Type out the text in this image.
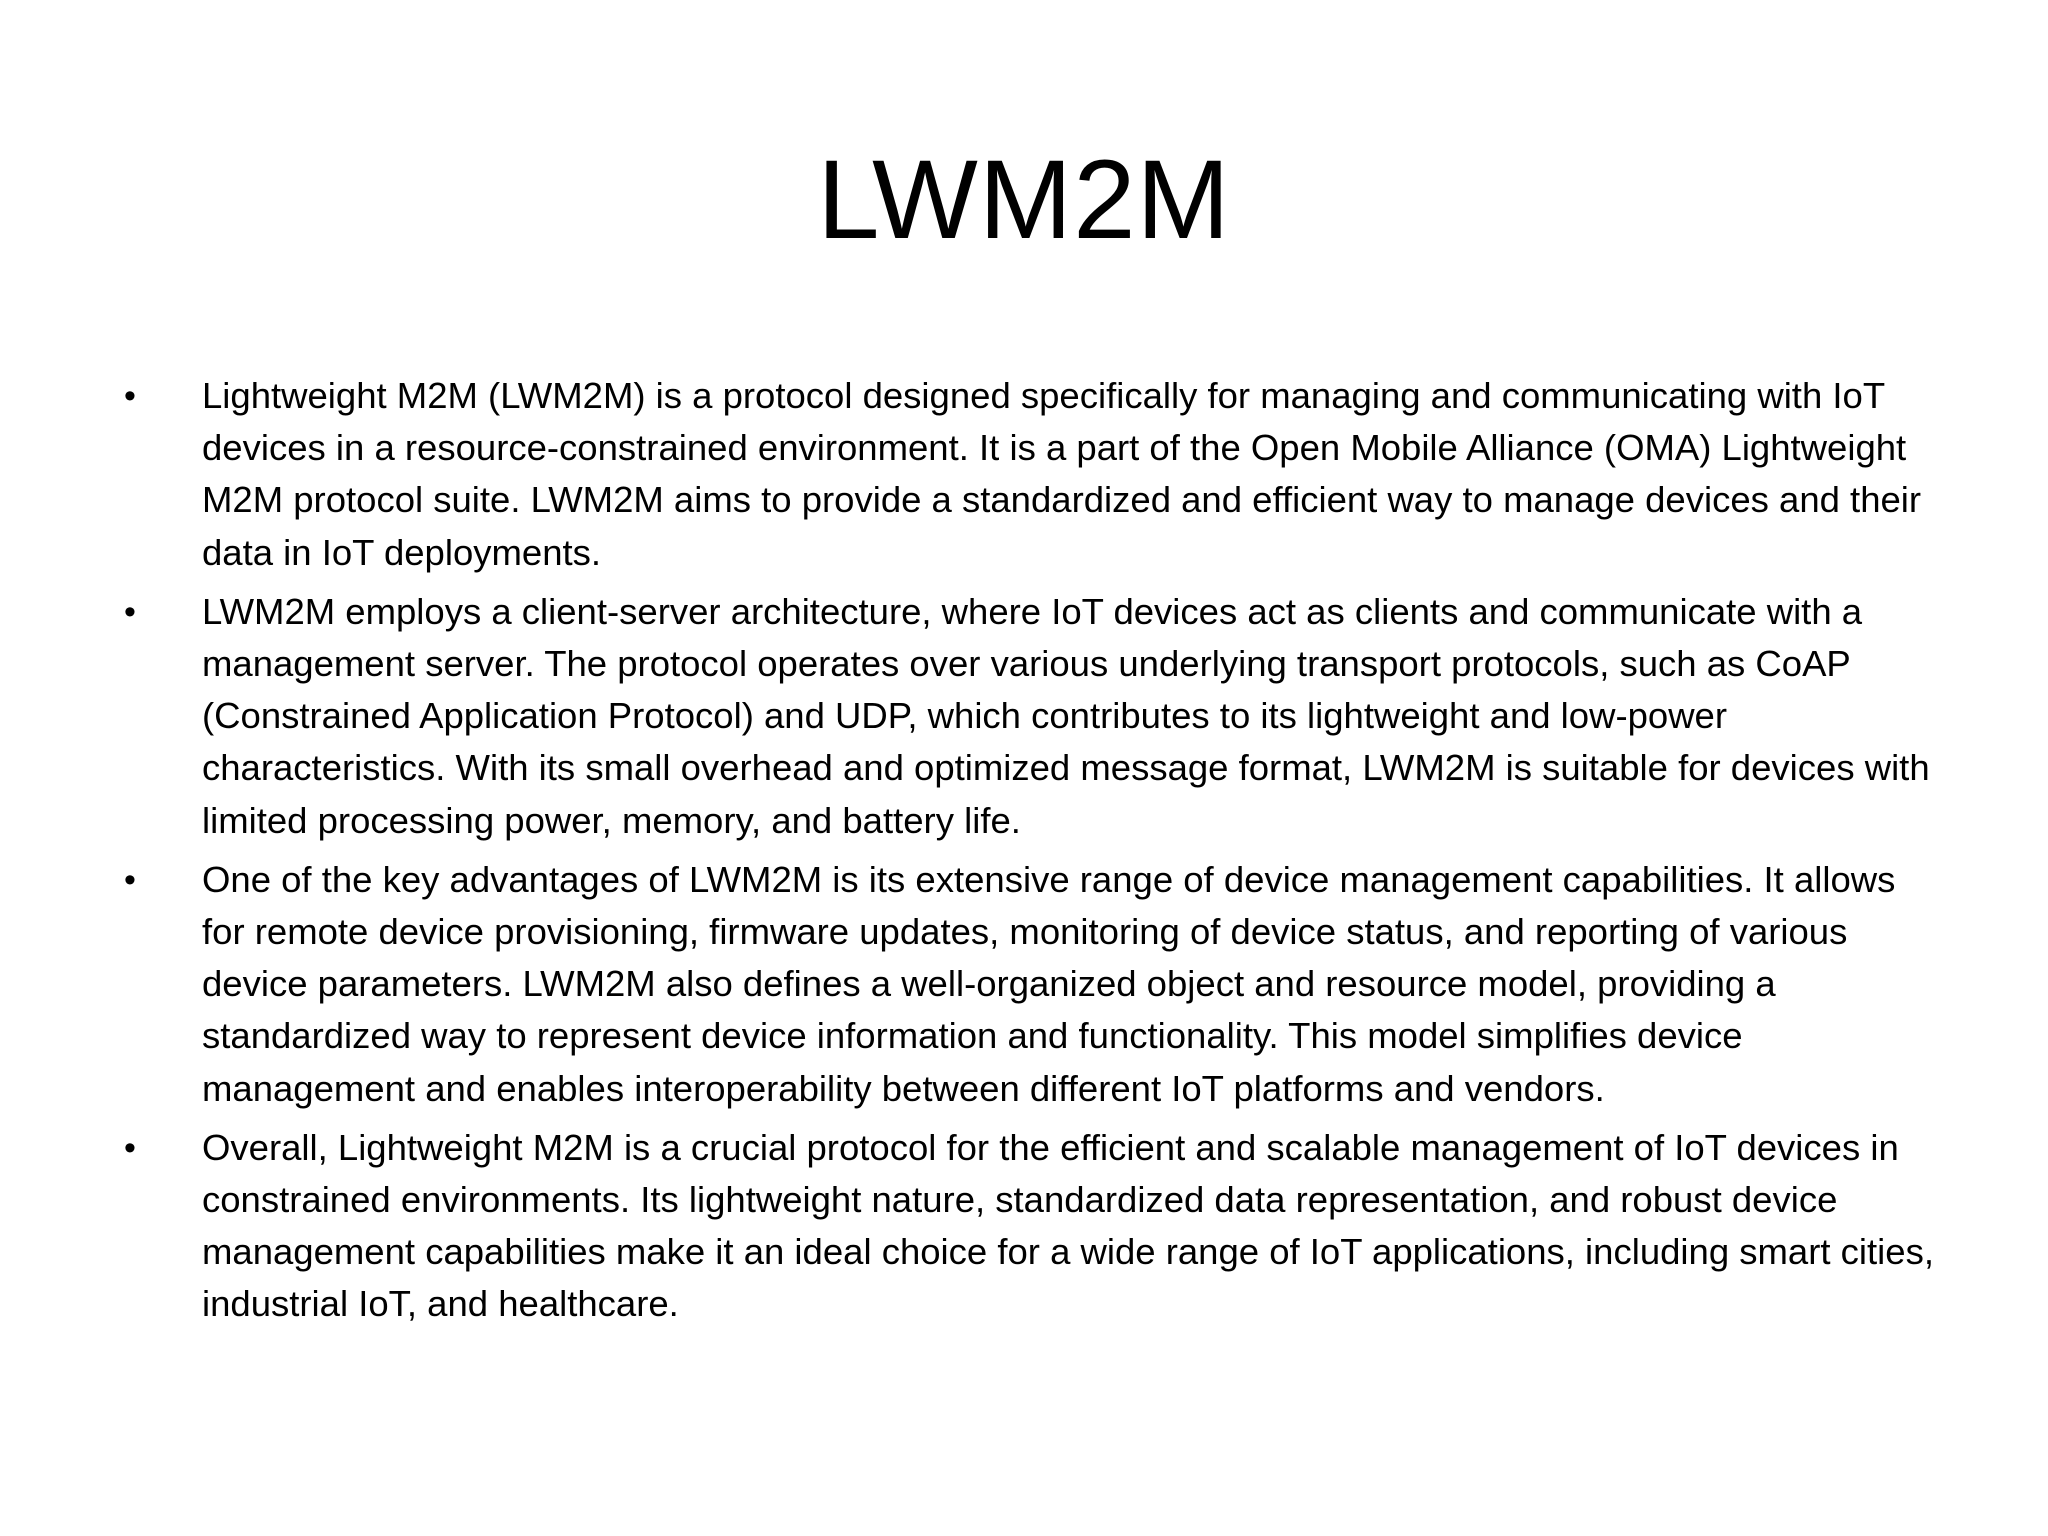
LWM2M
•	Lightweight M2M (LWM2M) is a protocol designed specifically for managing and communicating with IoT devices in a resource-constrained environment. It is a part of the Open Mobile Alliance (OMA) Lightweight M2M protocol suite. LWM2M aims to provide a standardized and efficient way to manage devices and their data in IoT deployments.
•	LWM2M employs a client-server architecture, where IoT devices act as clients and communicate with a management server. The protocol operates over various underlying transport protocols, such as CoAP (Constrained Application Protocol) and UDP, which contributes to its lightweight and low-power characteristics. With its small overhead and optimized message format, LWM2M is suitable for devices with limited processing power, memory, and battery life.
•	One of the key advantages of LWM2M is its extensive range of device management capabilities. It allows for remote device provisioning, firmware updates, monitoring of device status, and reporting of various device parameters. LWM2M also defines a well-organized object and resource model, providing a standardized way to represent device information and functionality. This model simplifies device management and enables interoperability between different IoT platforms and vendors.
•	Overall, Lightweight M2M is a crucial protocol for the efficient and scalable management of IoT devices in constrained environments. Its lightweight nature, standardized data representation, and robust device management capabilities make it an ideal choice for a wide range of IoT applications, including smart cities, industrial IoT, and healthcare.
